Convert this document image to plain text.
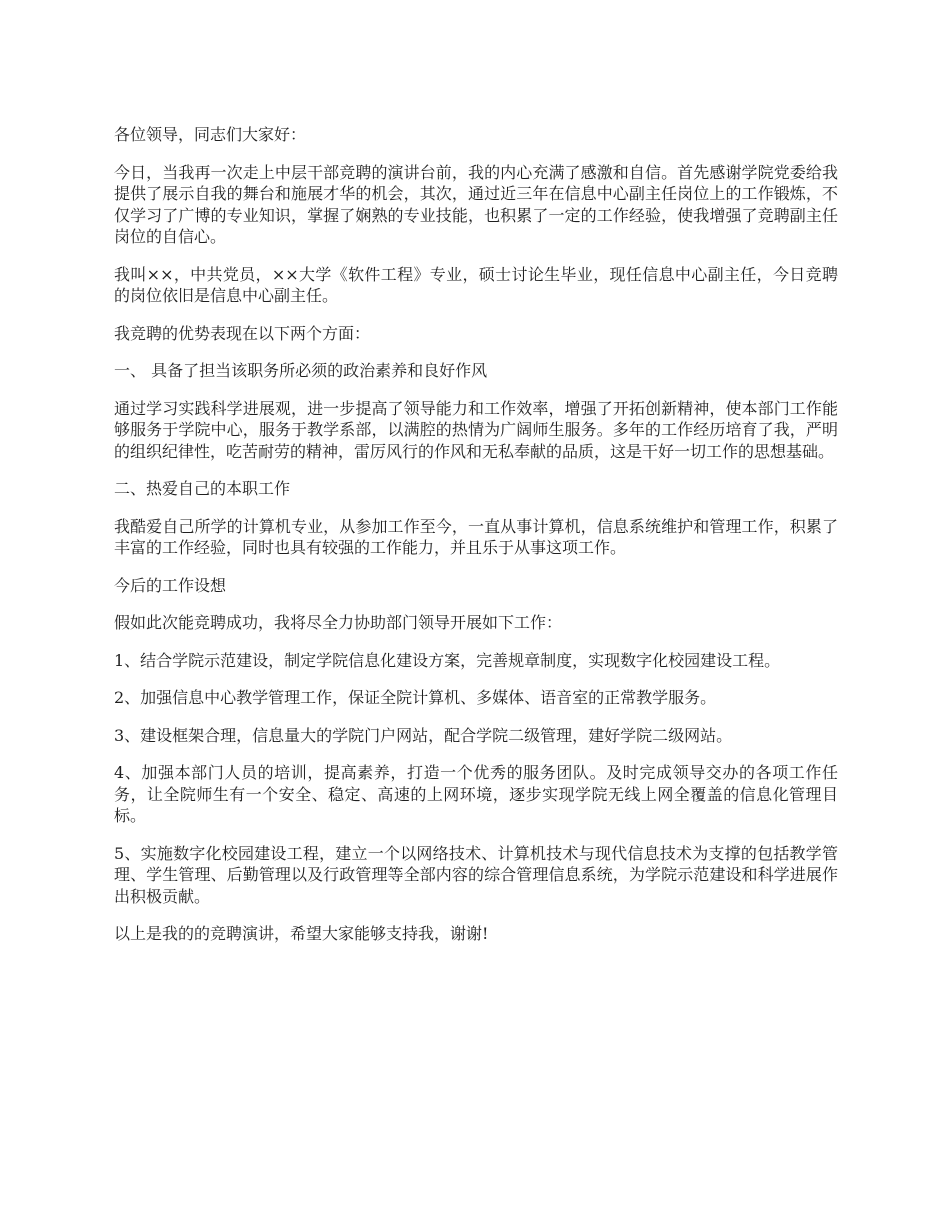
各位领导，同志们大家好：

今日，当我再一次走上中层干部竞聘的演讲台前，我的内心充满了感激和自信。首先感谢学院党委给我提供了展示自我的舞台和施展才华的机会，其次，通过近三年在信息中心副主任岗位上的工作锻炼，不仅学习了广博的专业知识，掌握了娴熟的专业技能，也积累了一定的工作经验，使我增强了竞聘副主任岗位的自信心。

我叫××，中共党员，××大学《软件工程》专业，硕士讨论生毕业，现任信息中心副主任，今日竞聘的岗位依旧是信息中心副主任。

我竞聘的优势表现在以下两个方面：

一、 具备了担当该职务所必须的政治素养和良好作风

通过学习实践科学进展观，进一步提高了领导能力和工作效率，增强了开拓创新精神，使本部门工作能够服务于学院中心，服务于教学系部，以满腔的热情为广阔师生服务。多年的工作经历培育了我，严明的组织纪律性，吃苦耐劳的精神，雷厉风行的作风和无私奉献的品质，这是干好一切工作的思想基础。

二、热爱自己的本职工作

我酷爱自己所学的计算机专业，从参加工作至今，一直从事计算机，信息系统维护和管理工作，积累了丰富的工作经验，同时也具有较强的工作能力，并且乐于从事这项工作。

今后的工作设想

假如此次能竞聘成功，我将尽全力协助部门领导开展如下工作：

1、结合学院示范建设，制定学院信息化建设方案，完善规章制度，实现数字化校园建设工程。

2、加强信息中心教学管理工作，保证全院计算机、多媒体、语音室的正常教学服务。

3、建设框架合理，信息量大的学院门户网站，配合学院二级管理，建好学院二级网站。

4、加强本部门人员的培训，提高素养，打造一个优秀的服务团队。及时完成领导交办的各项工作任务，让全院师生有一个安全、稳定、高速的上网环境，逐步实现学院无线上网全覆盖的信息化管理目标。

5、实施数字化校园建设工程，建立一个以网络技术、计算机技术与现代信息技术为支撑的包括教学管理、学生管理、后勤管理以及行政管理等全部内容的综合管理信息系统，为学院示范建设和科学进展作出积极贡献。

以上是我的的竞聘演讲，希望大家能够支持我，谢谢!
